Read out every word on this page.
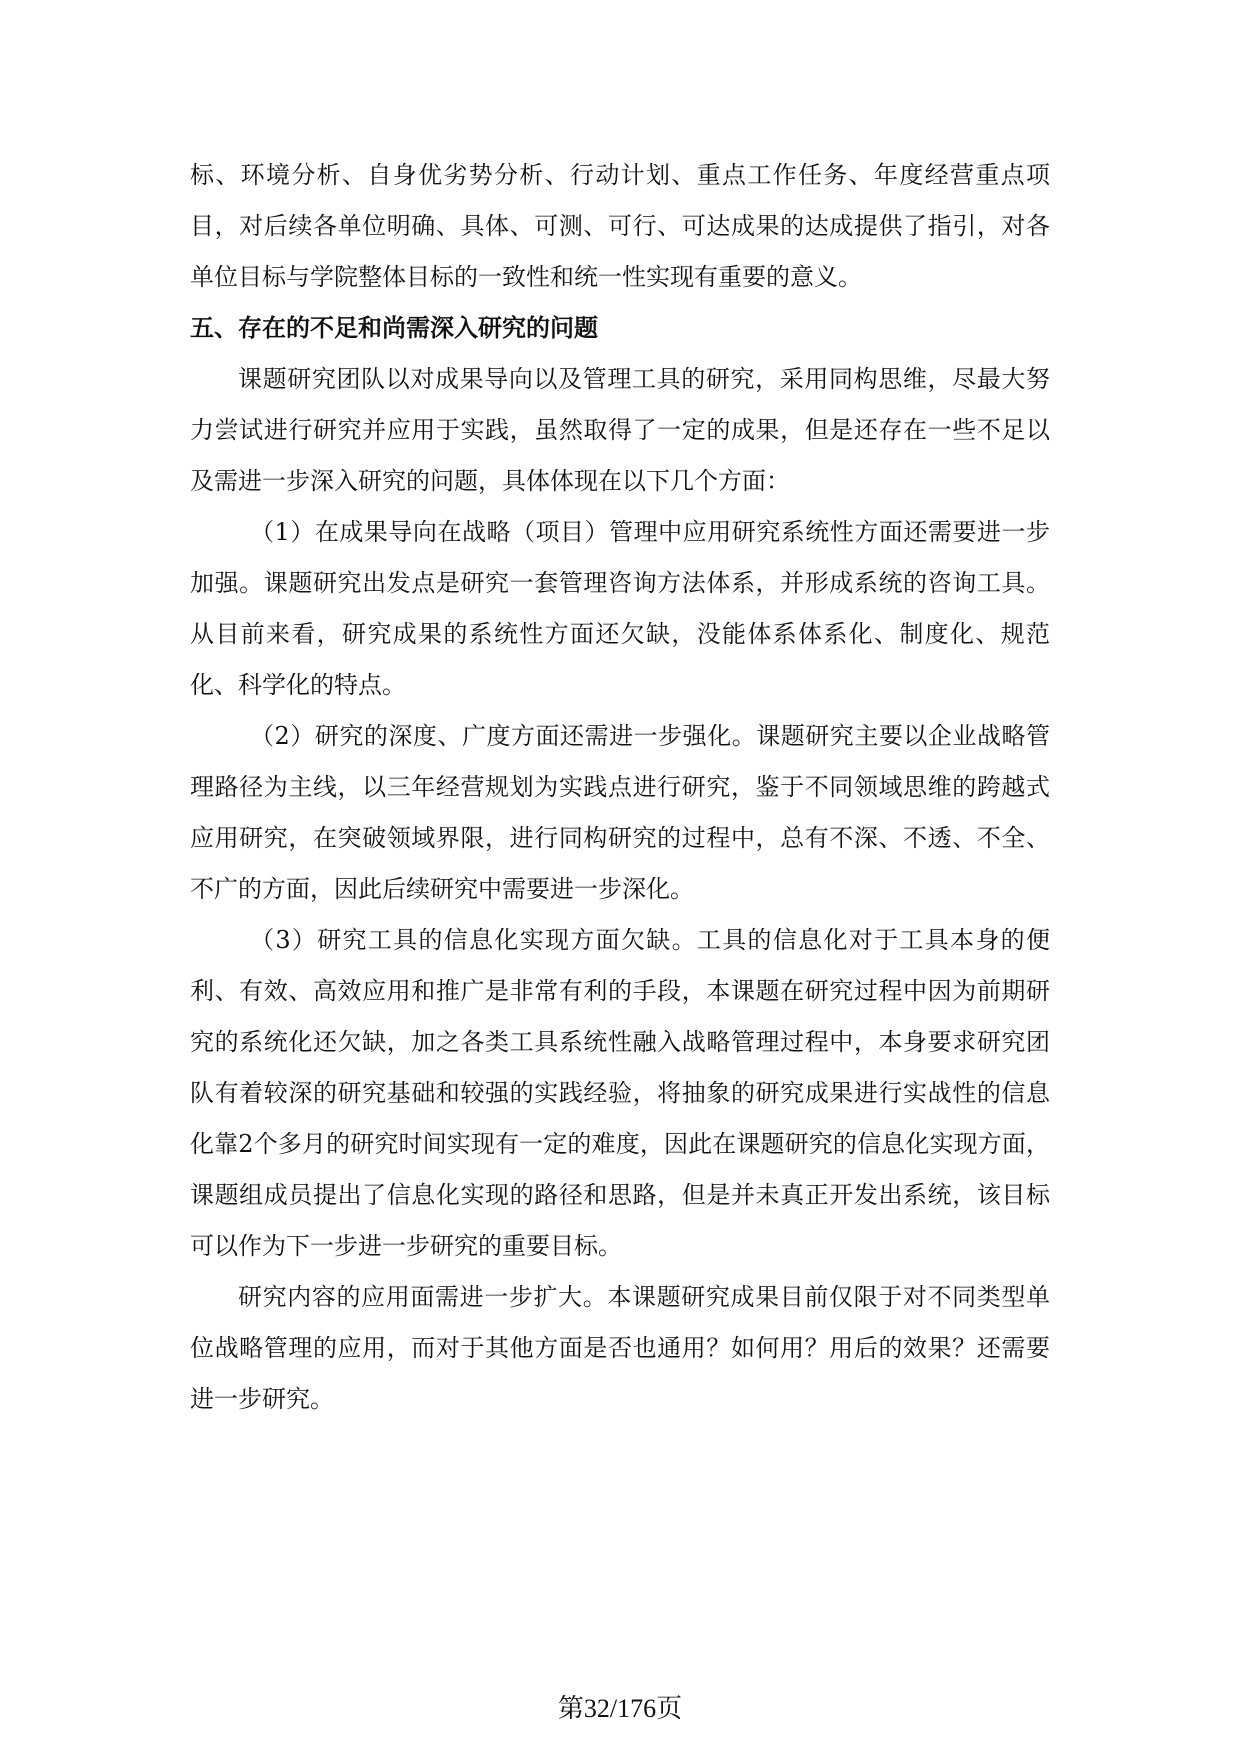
标、环境分析、自身优劣势分析、行动计划、重点工作任务、年度经营重点项目，对后续各单位明确、具体、可测、可行、可达成果的达成提供了指引，对各单位目标与学院整体目标的一致性和统一性实现有重要的意义。

五、存在的不足和尚需深入研究的问题

课题研究团队以对成果导向以及管理工具的研究，采用同构思维，尽最大努力尝试进行研究并应用于实践，虽然取得了一定的成果，但是还存在一些不足以及需进一步深入研究的问题，具体体现在以下几个方面：

（1）在成果导向在战略（项目）管理中应用研究系统性方面还需要进一步加强。课题研究出发点是研究一套管理咨询方法体系，并形成系统的咨询工具。从目前来看，研究成果的系统性方面还欠缺，没能体系体系化、制度化、规范化、科学化的特点。

（2）研究的深度、广度方面还需进一步强化。课题研究主要以企业战略管理路径为主线，以三年经营规划为实践点进行研究，鉴于不同领域思维的跨越式应用研究，在突破领域界限，进行同构研究的过程中，总有不深、不透、不全、不广的方面，因此后续研究中需要进一步深化。

（3）研究工具的信息化实现方面欠缺。工具的信息化对于工具本身的便利、有效、高效应用和推广是非常有利的手段，本课题在研究过程中因为前期研究的系统化还欠缺，加之各类工具系统性融入战略管理过程中，本身要求研究团队有着较深的研究基础和较强的实践经验，将抽象的研究成果进行实战性的信息化靠2个多月的研究时间实现有一定的难度，因此在课题研究的信息化实现方面，课题组成员提出了信息化实现的路径和思路，但是并未真正开发出系统，该目标可以作为下一步进一步研究的重要目标。

研究内容的应用面需进一步扩大。本课题研究成果目前仅限于对不同类型单位战略管理的应用，而对于其他方面是否也通用？如何用？用后的效果？还需要进一步研究。

第32/176页
